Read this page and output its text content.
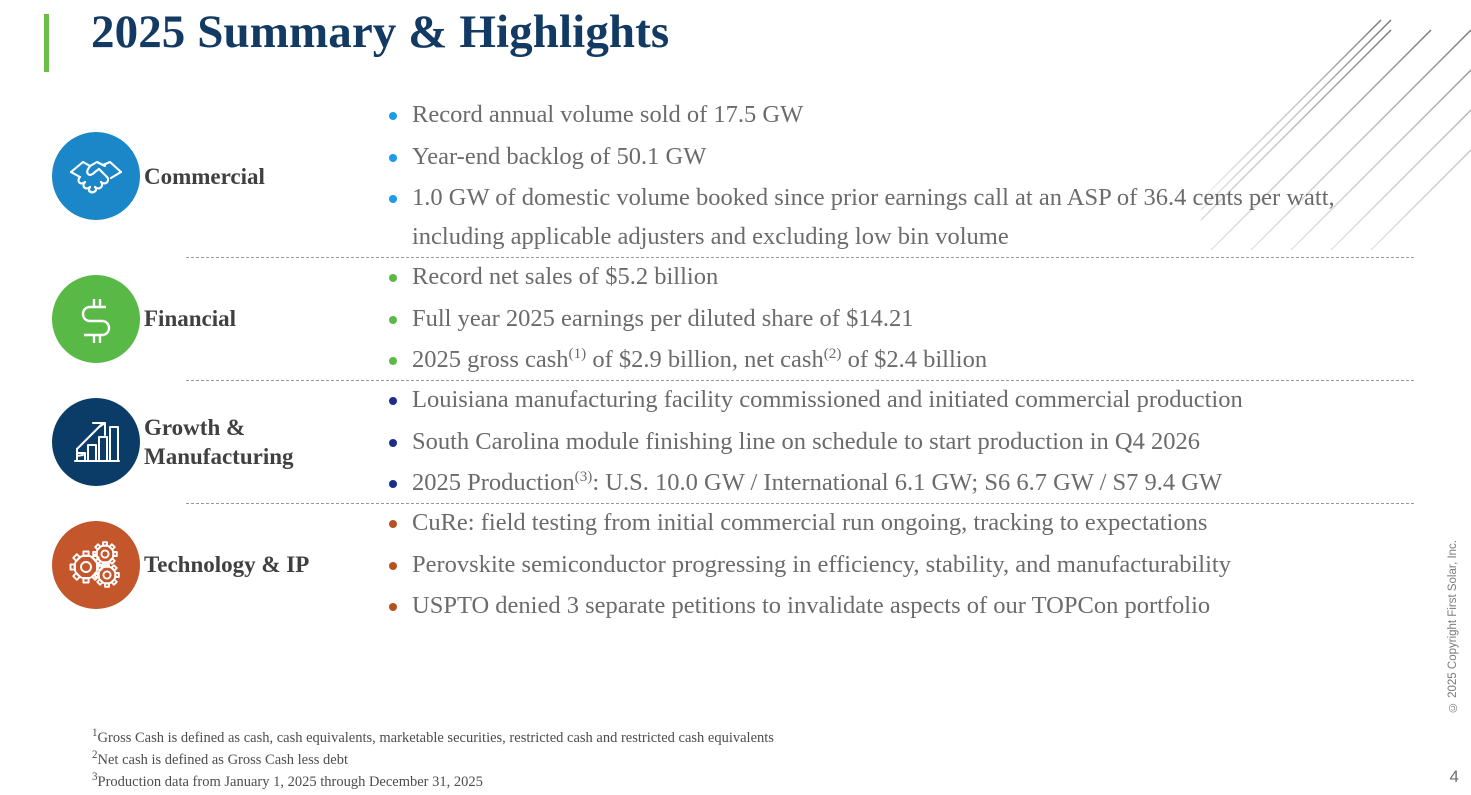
2025 Summary & Highlights
Commercial
Record annual volume sold of 17.5 GW
Year-end backlog of 50.1 GW
1.0 GW of domestic volume booked since prior earnings call at an ASP of 36.4 cents per watt, including applicable adjusters and excluding low bin volume
Financial
Record net sales of $5.2 billion
Full year 2025 earnings per diluted share of $14.21
2025 gross cash$^{(1)}$ of $2.9 billion, net cash$^{(2)}$ of $2.4 billion
Growth &
Manufacturing
Louisiana manufacturing facility commissioned and initiated commercial production
South Carolina module finishing line on schedule to start production in Q4 2026
2025 Production$^{(3)}$: U.S. 10.0 GW / International 6.1 GW; S6 6.7 GW / S7 9.4 GW
Technology & IP
CuRe: field testing from initial commercial run ongoing, tracking to expectations
Perovskite semiconductor progressing in efficiency, stability, and manufacturability
USPTO denied 3 separate petitions to invalidate aspects of our TOPCon portfolio
$^1$Gross Cash is defined as cash, cash equivalents, marketable securities, restricted cash and restricted cash equivalents
$^2$Net cash is defined as Gross Cash less debt
$^3$Production data from January 1, 2025 through December 31, 2025
© 2025 Copyright First Solar, Inc.
4
